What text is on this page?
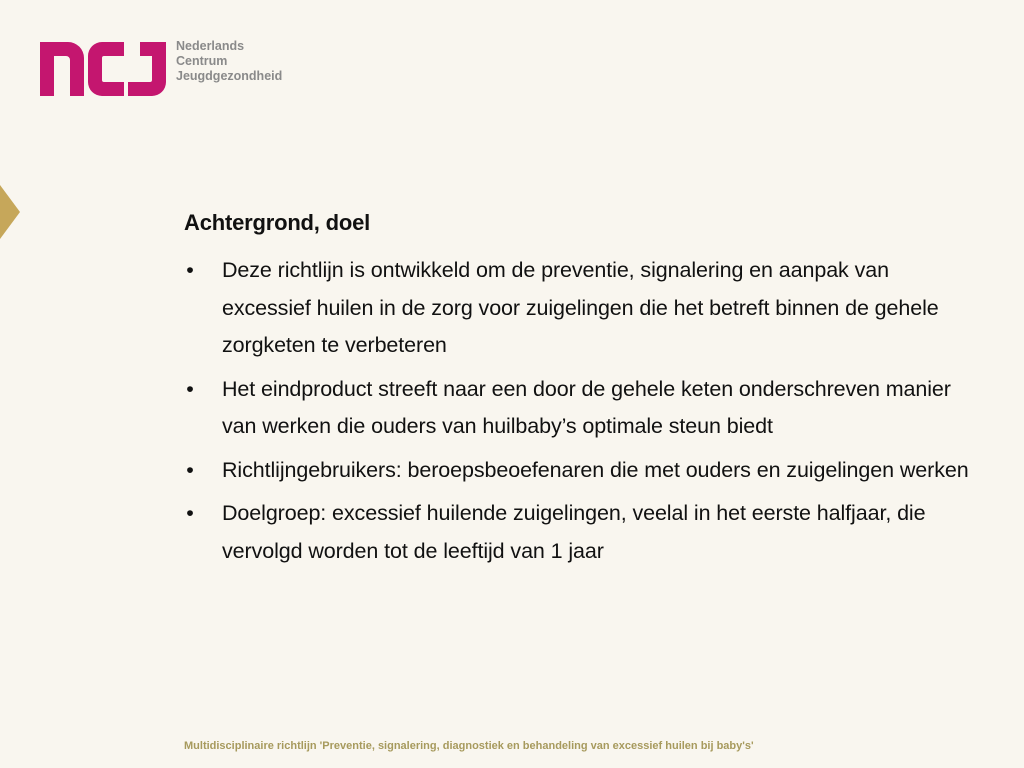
Nederlands
Centrum
Jeugdgezondheid
Achtergrond, doel
• Deze richtlijn is ontwikkeld om de preventie, signalering en aanpak van excessief huilen in de zorg voor zuigelingen die het betreft binnen de gehele zorgketen te verbeteren
• Het eindproduct streeft naar een door de gehele keten onderschreven manier van werken die ouders van huilbaby’s optimale steun biedt
• Richtlijngebruikers: beroepsbeoefenaren die met ouders en zuigelingen werken
• Doelgroep: excessief huilende zuigelingen, veelal in het eerste halfjaar, die vervolgd worden tot de leeftijd van 1 jaar
Multidisciplinaire richtlijn 'Preventie, signalering, diagnostiek en behandeling van excessief huilen bij baby's'
